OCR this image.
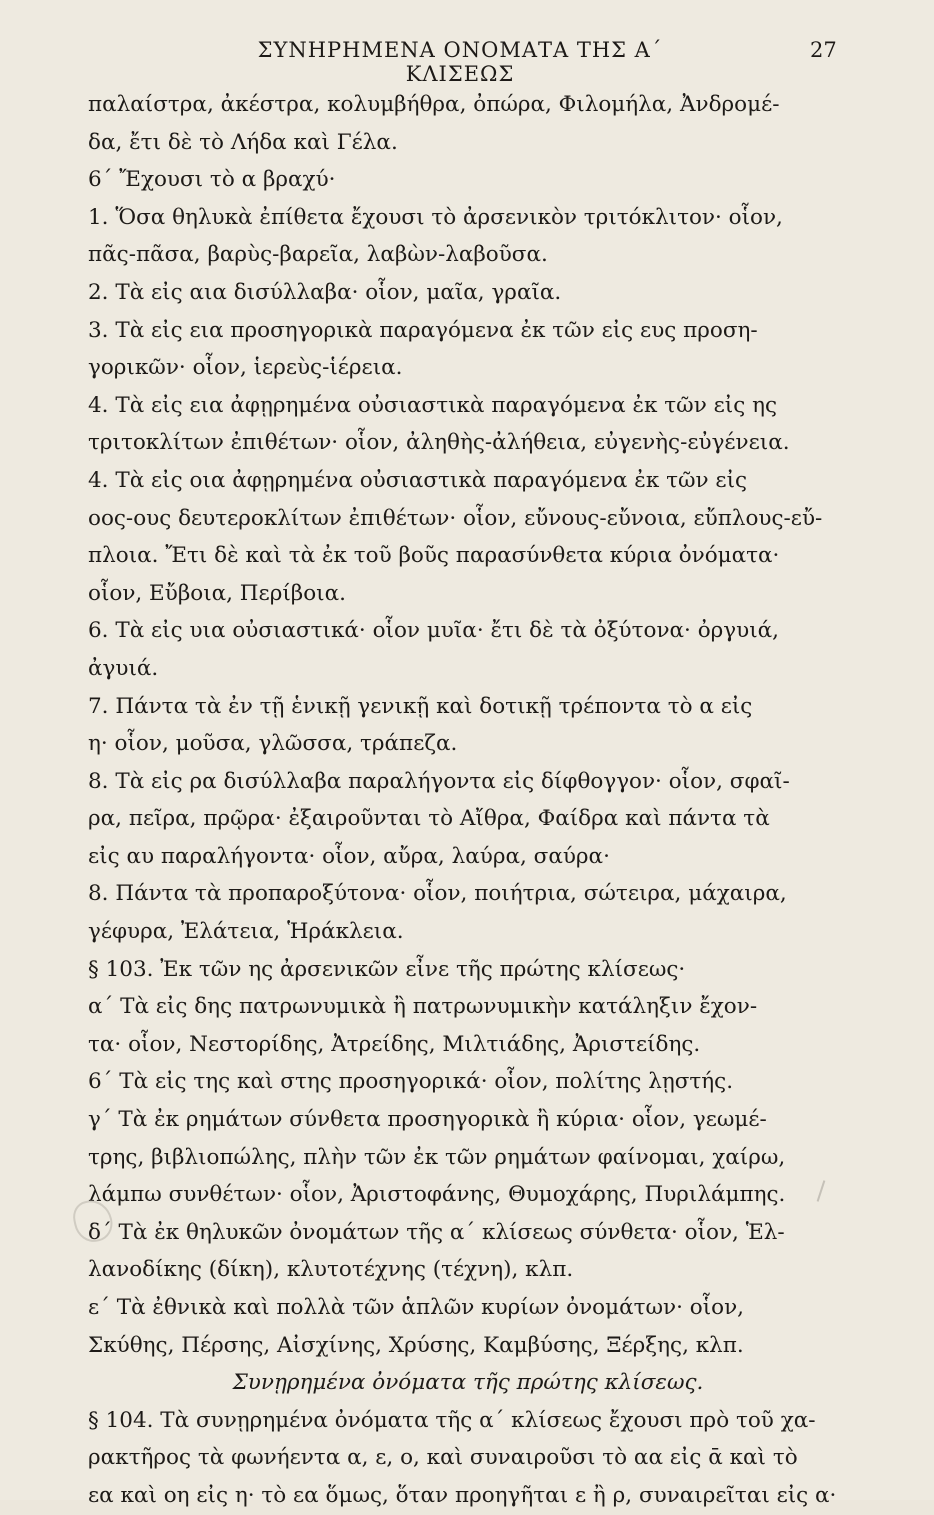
ΣΥΝΗΡΗΜΕΝΑ ΟΝΟΜΑΤΑ ΤΗΣ Α΄ ΚΛΙΣΕΩΣ
27
παλαίστρα, ἀκέστρα, κολυμβήθρα, ὀπώρα, Φιλομήλα, Ἀνδρομέ-
δα, ἔτι δὲ τὸ Λήδα καὶ Γέλα.
6΄ Ἔχουσι τὸ α βραχύ·
1. Ὅσα θηλυκὰ ἐπίθετα ἔχουσι τὸ ἀρσενικὸν τριτόκλιτον· οἷον,
πᾶς-πᾶσα, βαρὺς-βαρεῖα, λαβὼν-λαβοῦσα.
2. Τὰ εἰς αια δισύλλαβα· οἷον, μαῖα, γραῖα.
3. Τὰ εἰς εια προσηγορικὰ παραγόμενα ἐκ τῶν εἰς ευς προση-
γορικῶν· οἷον, ἱερεὺς-ἱέρεια.
4. Τὰ εἰς εια ἀφῃρημένα οὐσιαστικὰ παραγόμενα ἐκ τῶν εἰς ης
τριτοκλίτων ἐπιθέτων· οἷον, ἀληθὴς-ἀλήθεια, εὐγενὴς-εὐγένεια.
4. Τὰ εἰς οια ἀφῃρημένα οὐσιαστικὰ παραγόμενα ἐκ τῶν εἰς
οος-ους δευτεροκλίτων ἐπιθέτων· οἷον, εὔνους-εὔνοια, εὔπλους-εὔ-
πλοια. Ἔτι δὲ καὶ τὰ ἐκ τοῦ βοῦς παρασύνθετα κύρια ὀνόματα·
οἷον, Εὔβοια, Περίβοια.
6. Τὰ εἰς υια οὐσιαστικά· οἷον μυῖα· ἔτι δὲ τὰ ὀξύτονα· ὀργυιά,
ἀγυιά.
7. Πάντα τὰ ἐν τῇ ἑνικῇ γενικῇ καὶ δοτικῇ τρέποντα τὸ α εἰς
η· οἷον, μοῦσα, γλῶσσα, τράπεζα.
8. Τὰ εἰς ρα δισύλλαβα παραλήγοντα εἰς δίφθογγον· οἷον, σφαῖ-
ρα, πεῖρα, πρῷρα· ἐξαιροῦνται τὸ Αἴθρα, Φαίδρα καὶ πάντα τὰ
εἰς αυ παραλήγοντα· οἷον, αὔρα, λαύρα, σαύρα·
8. Πάντα τὰ προπαροξύτονα· οἷον, ποιήτρια, σώτειρα, μάχαιρα,
γέφυρα, Ἐλάτεια, Ἡράκλεια.
§ 103. Ἐκ τῶν ης ἀρσενικῶν εἶνε τῆς πρώτης κλίσεως·
α΄ Τὰ εἰς δης πατρωνυμικὰ ἢ πατρωνυμικὴν κατάληξιν ἔχον-
τα· οἷον, Νεστορίδης, Ἀτρείδης, Μιλτιάδης, Ἀριστείδης.
6΄ Τὰ εἰς της καὶ στης προσηγορικά· οἷον, πολίτης λῃστής.
γ΄ Τὰ ἐκ ρημάτων σύνθετα προσηγορικὰ ἢ κύρια· οἷον, γεωμέ-
τρης, βιβλιοπώλης, πλὴν τῶν ἐκ τῶν ρημάτων φαίνομαι, χαίρω,
λάμπω συνθέτων· οἷον, Ἀριστοφάνης, Θυμοχάρης, Πυριλάμπης.
δ΄ Τὰ ἐκ θηλυκῶν ὀνομάτων τῆς α΄ κλίσεως σύνθετα· οἷον, Ἑλ-
λανοδίκης (δίκη), κλυτοτέχνης (τέχνη), κλπ.
ε΄ Τὰ ἐθνικὰ καὶ πολλὰ τῶν ἁπλῶν κυρίων ὀνομάτων· οἷον,
Σκύθης, Πέρσης, Αἰσχίνης, Χρύσης, Καμβύσης, Ξέρξης, κλπ.
Συνῃρημένα ὀνόματα τῆς πρώτης κλίσεως.
§ 104. Τὰ συνῃρημένα ὀνόματα τῆς α΄ κλίσεως ἔχουσι πρὸ τοῦ χα-
ρακτῆρος τὰ φωνήεντα α, ε, ο, καὶ συναιροῦσι τὸ αα εἰς ᾱ καὶ τὸ
εα καὶ οη εἰς η· τὸ εα ὅμως, ὅταν προηγῆται ε ἢ ρ, συναιρεῖται εἰς α·
